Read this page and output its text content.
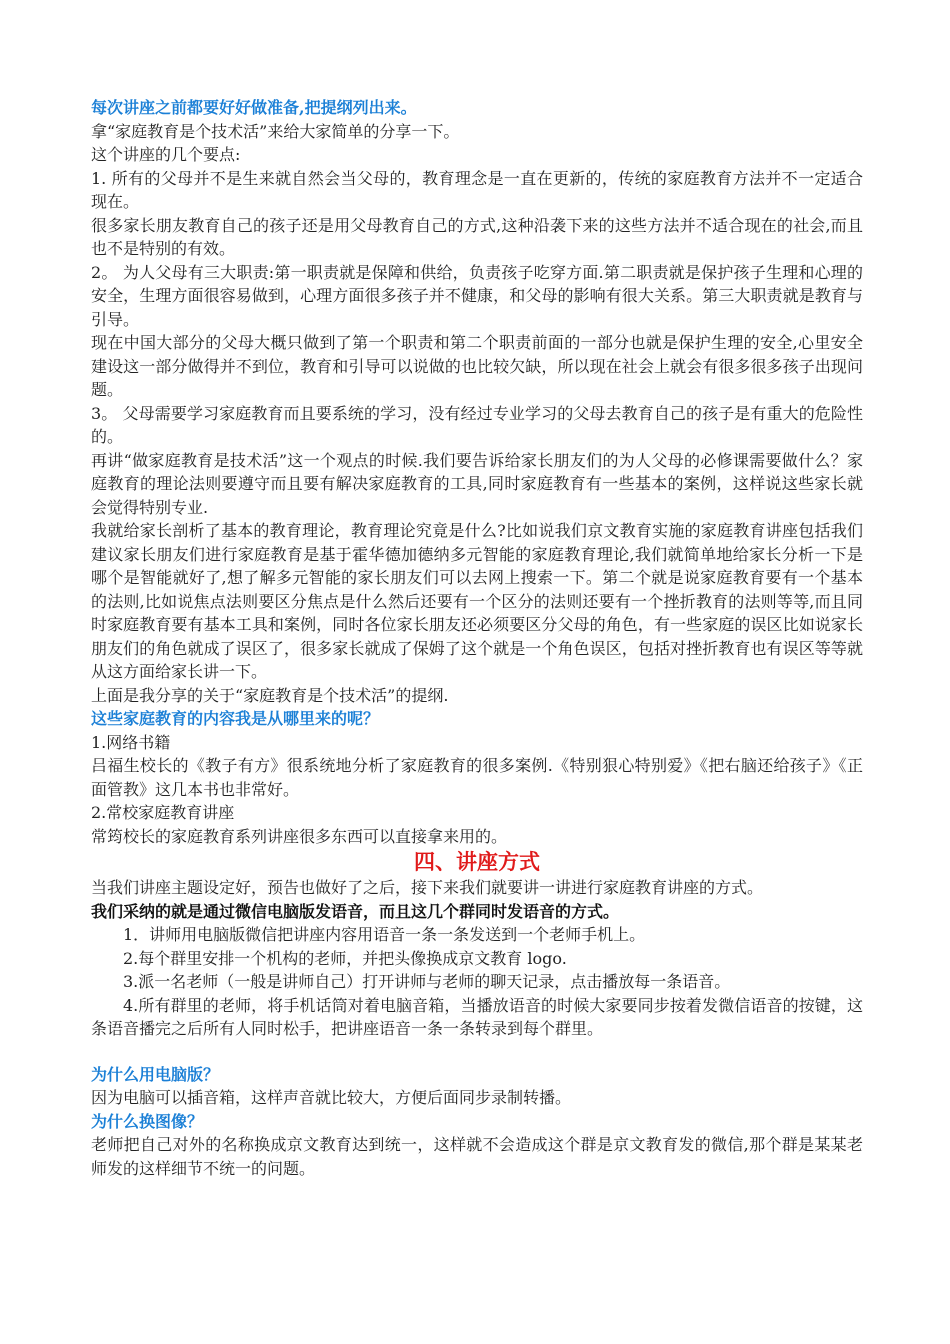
每次讲座之前都要好好做准备,把提纲列出来。

拿“家庭教育是个技术活”来给大家简单的分享一下。

这个讲座的几个要点:

1. 所有的父母并不是生来就自然会当父母的，教育理念是一直在更新的，传统的家庭教育方法并不一定适合现在。

很多家长朋友教育自己的孩子还是用父母教育自己的方式,这种沿袭下来的这些方法并不适合现在的社会,而且也不是特别的有效。

2。 为人父母有三大职责:第一职责就是保障和供给，负责孩子吃穿方面.第二职责就是保护孩子生理和心理的安全，生理方面很容易做到，心理方面很多孩子并不健康，和父母的影响有很大关系。第三大职责就是教育与引导。

现在中国大部分的父母大概只做到了第一个职责和第二个职责前面的一部分也就是保护生理的安全,心里安全建设这一部分做得并不到位，教育和引导可以说做的也比较欠缺，所以现在社会上就会有很多很多孩子出现问题。

3。 父母需要学习家庭教育而且要系统的学习，没有经过专业学习的父母去教育自己的孩子是有重大的危险性的。

再讲“做家庭教育是技术活”这一个观点的时候.我们要告诉给家长朋友们的为人父母的必修课需要做什么？家庭教育的理论法则要遵守而且要有解决家庭教育的工具,同时家庭教育有一些基本的案例，这样说这些家长就会觉得特别专业.

我就给家长剖析了基本的教育理论，教育理论究竟是什么?比如说我们京文教育实施的家庭教育讲座包括我们建议家长朋友们进行家庭教育是基于霍华德加德纳多元智能的家庭教育理论,我们就简单地给家长分析一下是哪个是智能就好了,想了解多元智能的家长朋友们可以去网上搜索一下。第二个就是说家庭教育要有一个基本的法则,比如说焦点法则要区分焦点是什么然后还要有一个区分的法则还要有一个挫折教育的法则等等,而且同时家庭教育要有基本工具和案例，同时各位家长朋友还必须要区分父母的角色，有一些家庭的误区比如说家长朋友们的角色就成了误区了，很多家长就成了保姆了这个就是一个角色误区，包括对挫折教育也有误区等等就从这方面给家长讲一下。

上面是我分享的关于“家庭教育是个技术活”的提纲.

这些家庭教育的内容我是从哪里来的呢？

1.网络书籍

吕福生校长的《教子有方》很系统地分析了家庭教育的很多案例.《特别狠心特别爱》《把右脑还给孩子》《正面管教》这几本书也非常好。

2.常校家庭教育讲座

常筠校长的家庭教育系列讲座很多东西可以直接拿来用的。

四、讲座方式

当我们讲座主题设定好，预告也做好了之后，接下来我们就要讲一讲进行家庭教育讲座的方式。

我们采纳的就是通过微信电脑版发语音，而且这几个群同时发语音的方式。

1．讲师用电脑版微信把讲座内容用语音一条一条发送到一个老师手机上。

2.每个群里安排一个机构的老师，并把头像换成京文教育 logo.

3.派一名老师（一般是讲师自己）打开讲师与老师的聊天记录，点击播放每一条语音。

4.所有群里的老师，将手机话筒对着电脑音箱，当播放语音的时候大家要同步按着发微信语音的按键，这条语音播完之后所有人同时松手，把讲座语音一条一条转录到每个群里。

为什么用电脑版？

因为电脑可以插音箱，这样声音就比较大，方便后面同步录制转播。

为什么换图像？

老师把自己对外的名称换成京文教育达到统一，这样就不会造成这个群是京文教育发的微信,那个群是某某老师发的这样细节不统一的问题。
